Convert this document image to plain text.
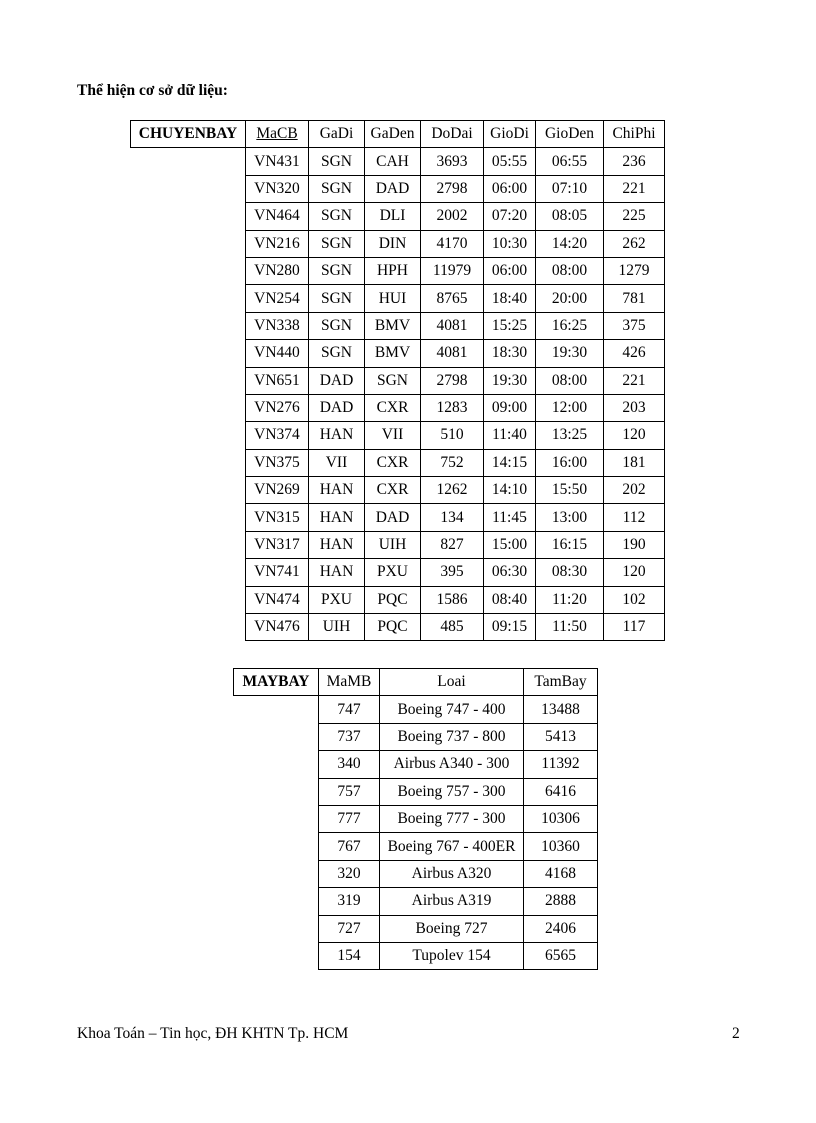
Thể hiện cơ sở dữ liệu:
CHUYENBAY	MaCB	GaDi	GaDen	DoDai	GioDi	GioDen	ChiPhi
	VN431	SGN	CAH	3693	05:55	06:55	236
	VN320	SGN	DAD	2798	06:00	07:10	221
	VN464	SGN	DLI	2002	07:20	08:05	225
	VN216	SGN	DIN	4170	10:30	14:20	262
	VN280	SGN	HPH	11979	06:00	08:00	1279
	VN254	SGN	HUI	8765	18:40	20:00	781
	VN338	SGN	BMV	4081	15:25	16:25	375
	VN440	SGN	BMV	4081	18:30	19:30	426
	VN651	DAD	SGN	2798	19:30	08:00	221
	VN276	DAD	CXR	1283	09:00	12:00	203
	VN374	HAN	VII	510	11:40	13:25	120
	VN375	VII	CXR	752	14:15	16:00	181
	VN269	HAN	CXR	1262	14:10	15:50	202
	VN315	HAN	DAD	134	11:45	13:00	112
	VN317	HAN	UIH	827	15:00	16:15	190
	VN741	HAN	PXU	395	06:30	08:30	120
	VN474	PXU	PQC	1586	08:40	11:20	102
	VN476	UIH	PQC	485	09:15	11:50	117
MAYBAY	MaMB	Loai	TamBay
	747	Boeing 747 - 400	13488
	737	Boeing 737 - 800	5413
	340	Airbus A340 - 300	11392
	757	Boeing 757 - 300	6416
	777	Boeing 777 - 300	10306
	767	Boeing 767 - 400ER	10360
	320	Airbus A320	4168
	319	Airbus A319	2888
	727	Boeing 727	2406
	154	Tupolev 154	6565
Khoa Toán – Tin học, ĐH KHTN Tp. HCM	2
